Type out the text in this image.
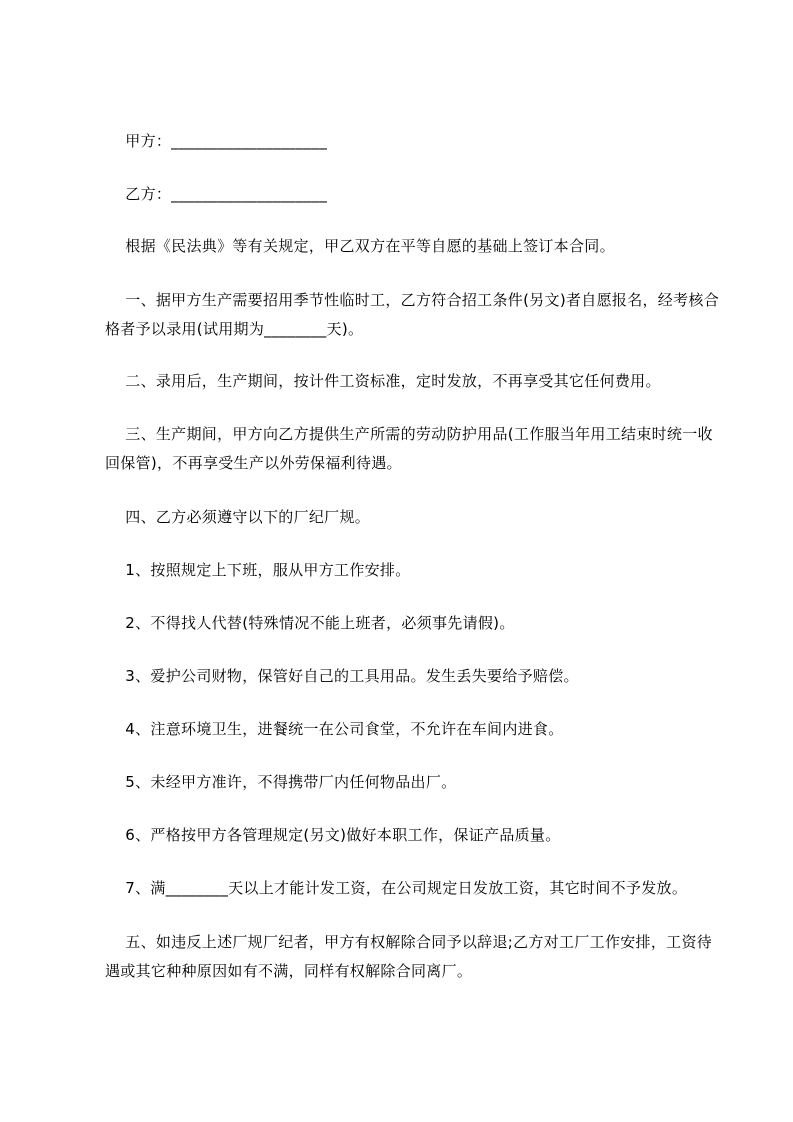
甲方：____________________

乙方：____________________

根据《民法典》等有关规定，甲乙双方在平等自愿的基础上签订本合同。

一、据甲方生产需要招用季节性临时工，乙方符合招工条件(另文)者自愿报名，经考核合格者予以录用(试用期为________天)。

二、录用后，生产期间，按计件工资标准，定时发放，不再享受其它任何费用。

三、生产期间，甲方向乙方提供生产所需的劳动防护用品(工作服当年用工结束时统一收回保管)，不再享受生产以外劳保福利待遇。

四、乙方必须遵守以下的厂纪厂规。

1、按照规定上下班，服从甲方工作安排。

2、不得找人代替(特殊情况不能上班者，必须事先请假)。

3、爱护公司财物，保管好自己的工具用品。发生丢失要给予赔偿。

4、注意环境卫生，进餐统一在公司食堂，不允许在车间内进食。

5、未经甲方准许，不得携带厂内任何物品出厂。

6、严格按甲方各管理规定(另文)做好本职工作，保证产品质量。

7、满________天以上才能计发工资，在公司规定日发放工资，其它时间不予发放。

五、如违反上述厂规厂纪者，甲方有权解除合同予以辞退;乙方对工厂工作安排，工资待遇或其它种种原因如有不满，同样有权解除合同离厂。
